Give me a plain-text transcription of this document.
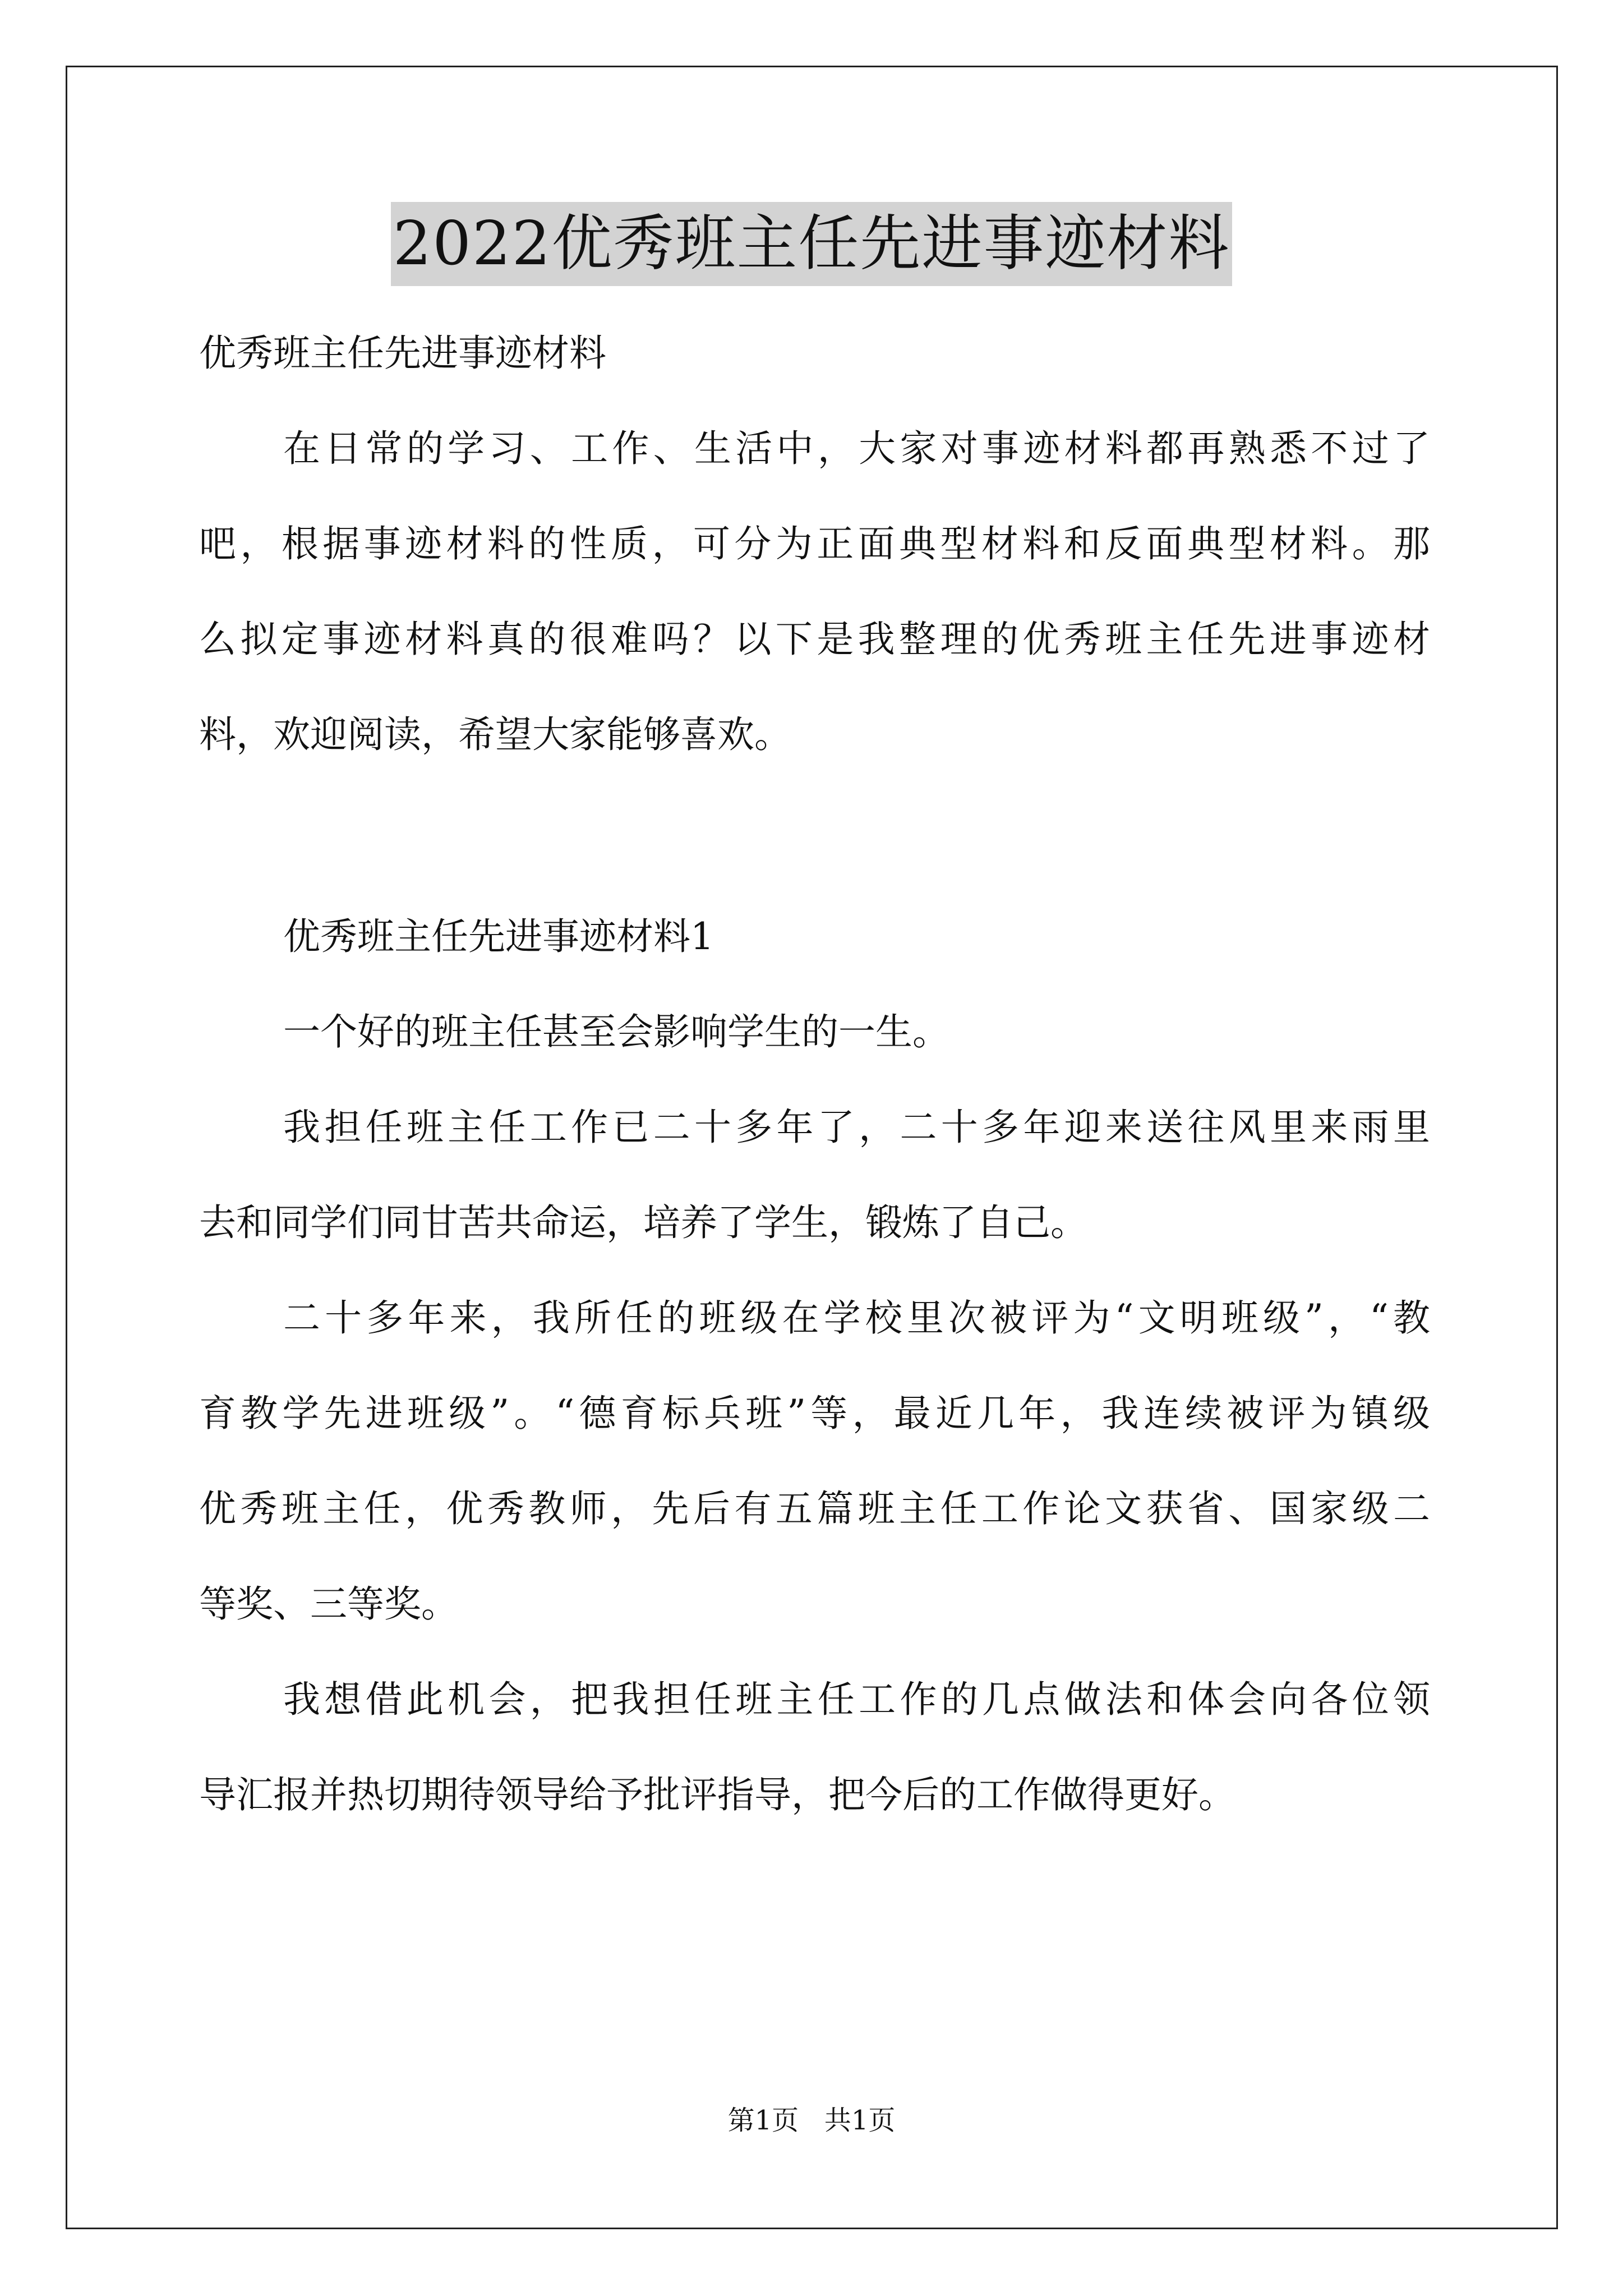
2022优秀班主任先进事迹材料
优秀班主任先进事迹材料
在日常的学习、工作、生活中，大家对事迹材料都再熟悉不过了
吧，根据事迹材料的性质，可分为正面典型材料和反面典型材料。那
么拟定事迹材料真的很难吗？以下是我整理的优秀班主任先进事迹材
料，欢迎阅读，希望大家能够喜欢。
优秀班主任先进事迹材料1
一个好的班主任甚至会影响学生的一生。
我担任班主任工作已二十多年了，二十多年迎来送往风里来雨里
去和同学们同甘苦共命运，培养了学生，锻炼了自己。
二十多年来，我所任的班级在学校里次被评为“文明班级”，“教
育教学先进班级”。“德育标兵班”等，最近几年，我连续被评为镇级
优秀班主任，优秀教师，先后有五篇班主任工作论文获省、国家级二
等奖、三等奖。
我想借此机会，把我担任班主任工作的几点做法和体会向各位领
导汇报并热切期待领导给予批评指导，把今后的工作做得更好。
第1页   共1页
